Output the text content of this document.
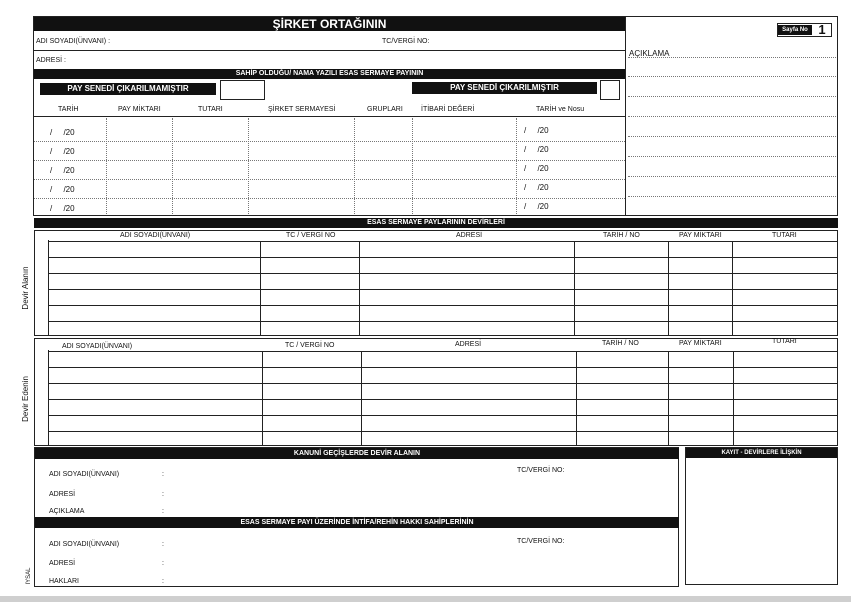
ŞİRKET ORTAĞININ
ADI SOYADI(ÜNVANI) :	TC/VERGİ NO:
ADRESİ :
Sayfa No 1
AÇIKLAMA
SAHİP OLDUĞU/ NAMA YAZILI ESAS SERMAYE PAYININ
PAY SENEDİ ÇIKARILMAMIŞTIR	PAY SENEDİ ÇIKARILMIŞTIR
TARİH	PAY MİKTARI	TUTARI	ŞİRKET SERMAYESİ	GRUPLARI	İTİBARİ DEĞERİ	TARİH ve Nosu
/ /20	/ /20
/ /20	/ /20
/ /20	/ /20
/ /20	/ /20
/ /20	/ /20
ESAS SERMAYE PAYLARININ DEVİRLERİ
ADI SOYADI(ÜNVANI)	TC / VERGİ NO	ADRESİ	TARİH / NO	PAY MİKTARI	TUTARI
Devir Alanın
ADI SOYADI(ÜNVANI)	TC / VERGİ NO	ADRESİ	TARİH / NO	PAY MİKTARI	TUTARI
Devir Edenin
KANUNİ GEÇİŞLERDE DEVİR ALANIN
ADI SOYADI(ÜNVANI)	:
TC/VERGİ NO:
ADRESİ	:
AÇIKLAMA	:
ESAS SERMAYE PAYI ÜZERİNDE İNTİFA/REHİN HAKKI SAHİPLERİNİN
ADI SOYADI(ÜNVANI)	:	TC/VERGİ NO:
ADRESİ	:
HAKLARI	:
KAYIT - DEVİRLERE İLİŞKİN
IYSAL
